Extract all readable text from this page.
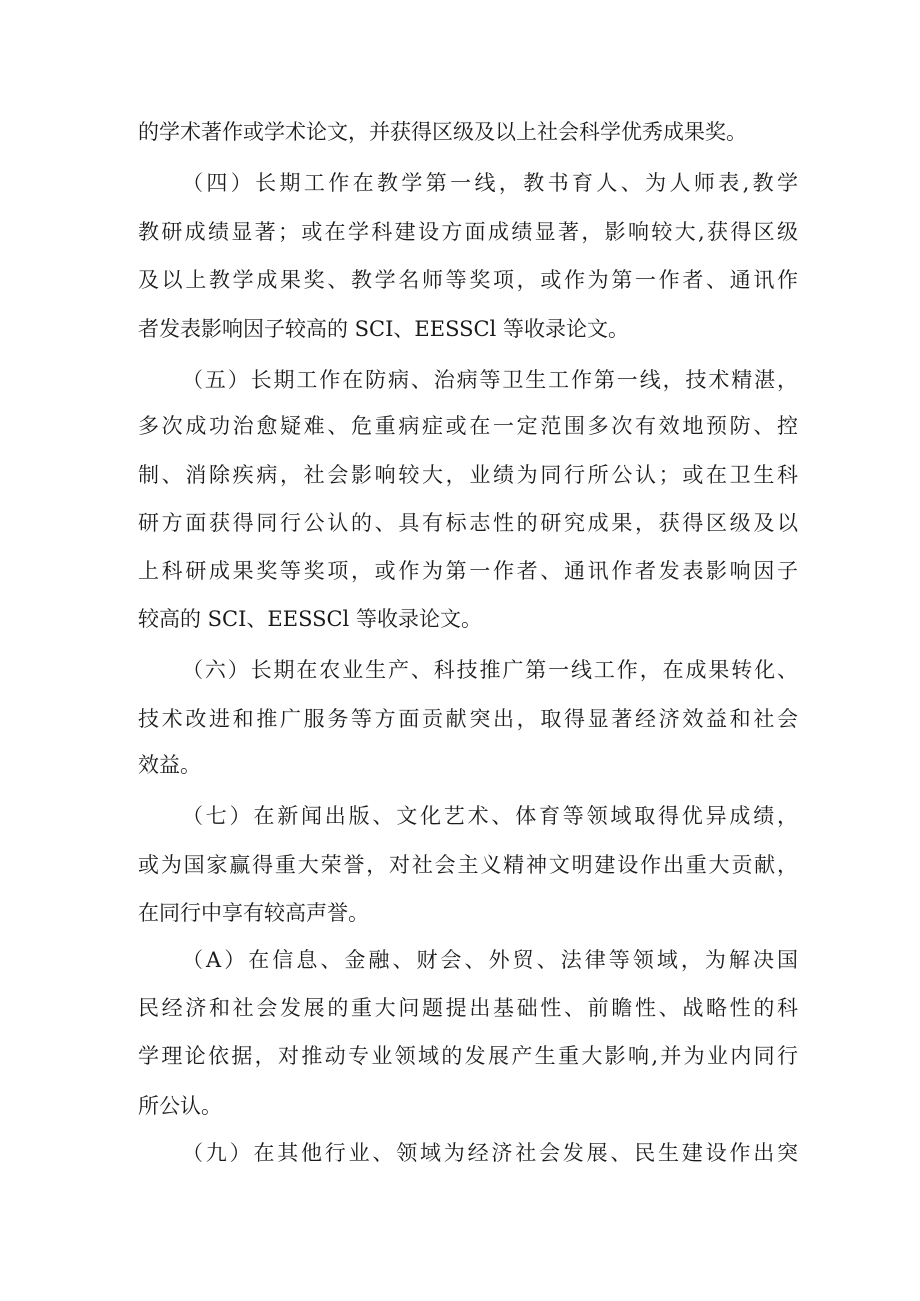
的学术著作或学术论文，并获得区级及以上社会科学优秀成果奖。
（四）长期工作在教学第一线，教书育人、为人师表,教学
教研成绩显著；或在学科建设方面成绩显著，影响较大,获得区级
及以上教学成果奖、教学名师等奖项，或作为第一作者、通讯作
者发表影响因子较高的 SCI、EESSCl 等收录论文。
（五）长期工作在防病、治病等卫生工作第一线，技术精湛，
多次成功治愈疑难、危重病症或在一定范围多次有效地预防、控
制、消除疾病，社会影响较大，业绩为同行所公认；或在卫生科
研方面获得同行公认的、具有标志性的研究成果，获得区级及以
上科研成果奖等奖项，或作为第一作者、通讯作者发表影响因子
较高的 SCI、EESSCl 等收录论文。
（六）长期在农业生产、科技推广第一线工作，在成果转化、
技术改进和推广服务等方面贡献突出，取得显著经济效益和社会
效益。
（七）在新闻出版、文化艺术、体育等领域取得优异成绩，
或为国家赢得重大荣誉，对社会主义精神文明建设作出重大贡献，
在同行中享有较高声誉。
（A）在信息、金融、财会、外贸、法律等领域，为解决国
民经济和社会发展的重大问题提出基础性、前瞻性、战略性的科
学理论依据，对推动专业领域的发展产生重大影响,并为业内同行
所公认。
（九）在其他行业、领域为经济社会发展、民生建设作出突
